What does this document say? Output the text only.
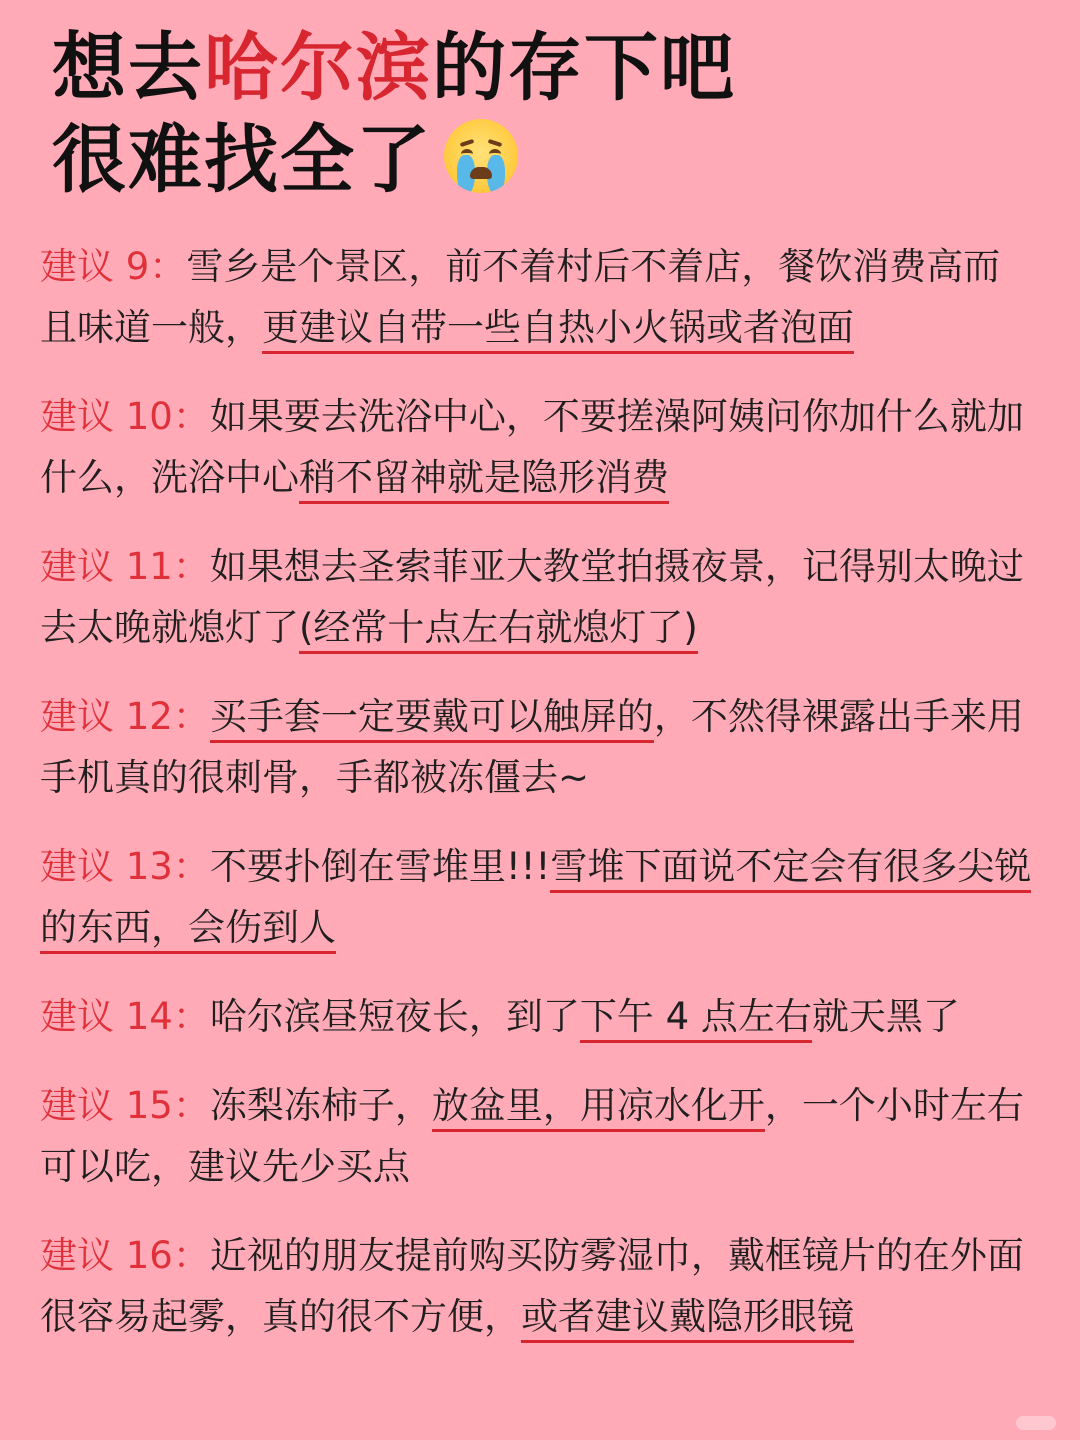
想去哈尔滨的存下吧
很难找全了

建议 9：雪乡是个景区，前不着村后不着店，餐饮消费高而且味道一般，更建议自带一些自热小火锅或者泡面

建议 10：如果要去洗浴中心，不要搓澡阿姨问你加什么就加什么，洗浴中心稍不留神就是隐形消费

建议 11：如果想去圣索菲亚大教堂拍摄夜景，记得别太晚过去太晚就熄灯了(经常十点左右就熄灯了)

建议 12：买手套一定要戴可以触屏的，不然得裸露出手来用手机真的很刺骨，手都被冻僵去~

建议 13：不要扑倒在雪堆里!!!雪堆下面说不定会有很多尖锐的东西，会伤到人

建议 14：哈尔滨昼短夜长，到了下午 4 点左右就天黑了

建议 15：冻梨冻柿子，放盆里，用凉水化开，一个小时左右可以吃，建议先少买点

建议 16：近视的朋友提前购买防雾湿巾，戴框镜片的在外面很容易起雾，真的很不方便，或者建议戴隐形眼镜
